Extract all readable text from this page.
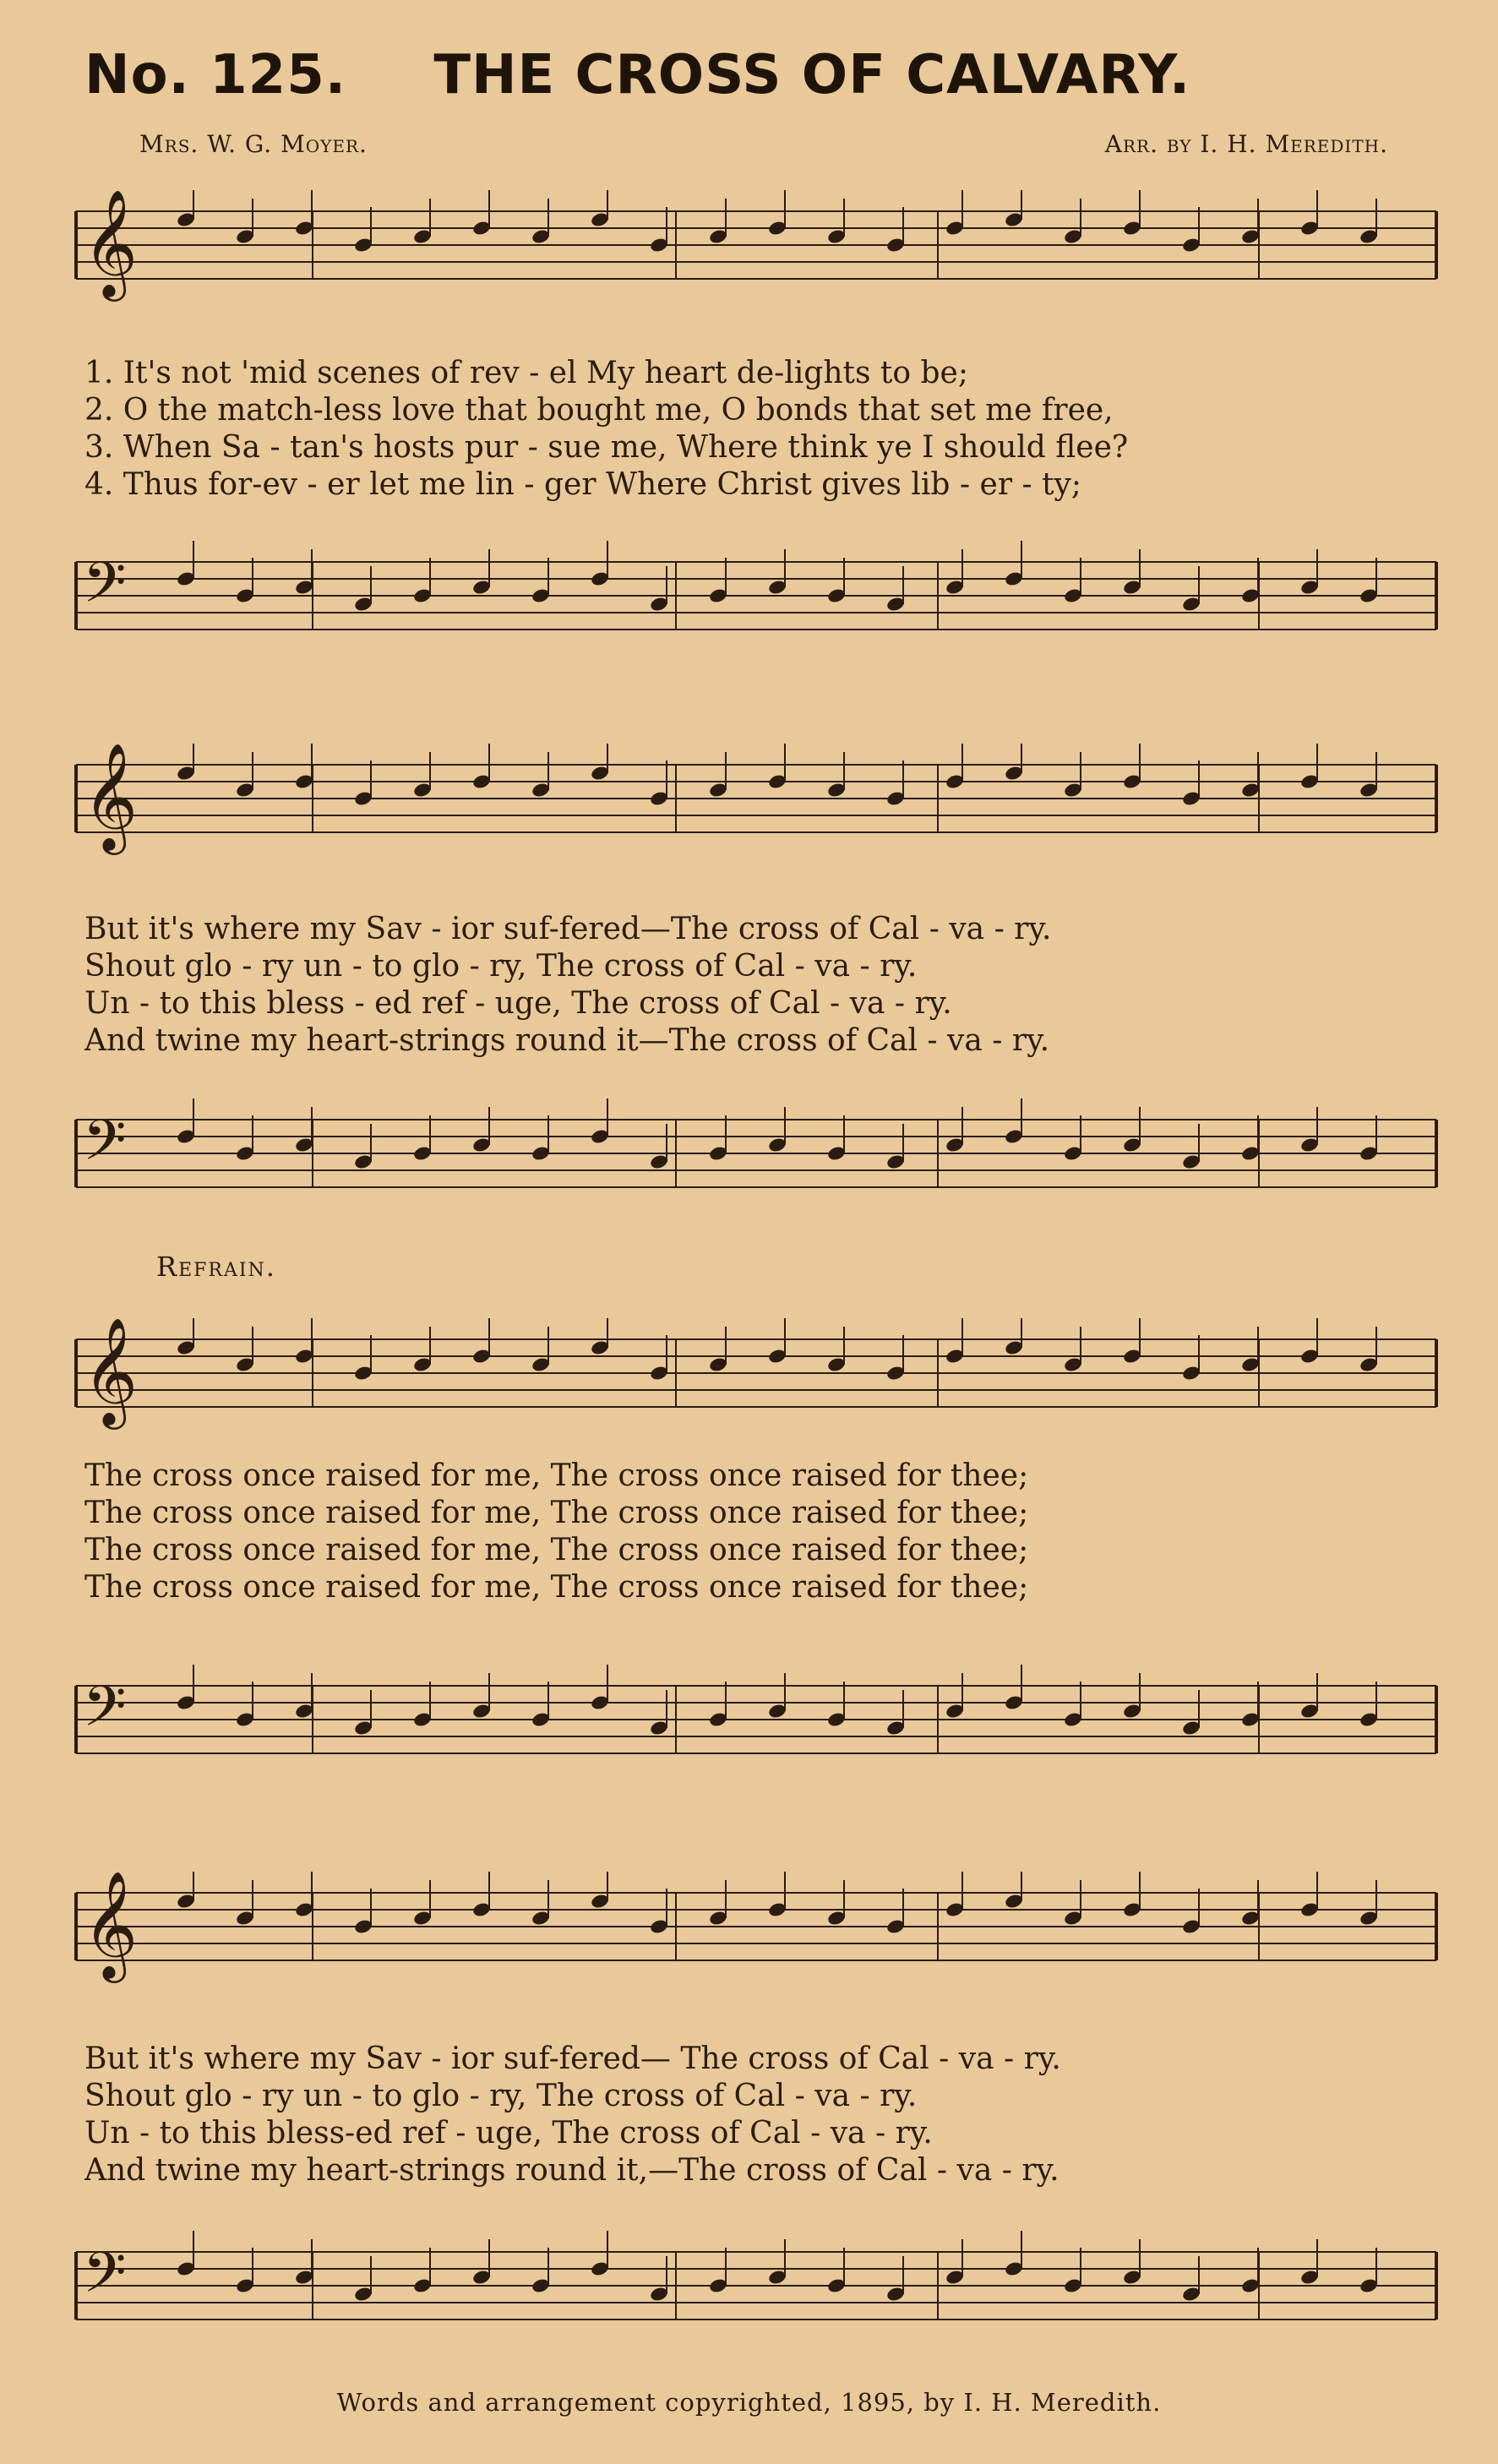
No. 125. THE CROSS OF CALVARY.
Mrs. W. G. Moyer.	Arr. by I. H. Meredith.
𝄞
1. It's not 'mid scenes of rev - el My heart de-lights to be;
2. O the match-less love that bought me, O bonds that set me free,
3. When Sa - tan's hosts pur - sue me, Where think ye I should flee?
4. Thus for-ev - er let me lin - ger Where Christ gives lib - er - ty;
𝄢
𝄞
But it's where my Sav - ior suf-fered—The cross of Cal - va - ry.
Shout glo - ry un - to glo - ry, The cross of Cal - va - ry.
Un - to this bless - ed ref - uge, The cross of Cal - va - ry.
And twine my heart-strings round it—The cross of Cal - va - ry.
𝄢
Refrain.
𝄞
The cross once raised for me, The cross once raised for thee;
The cross once raised for me, The cross once raised for thee;
The cross once raised for me, The cross once raised for thee;
The cross once raised for me, The cross once raised for thee;
𝄢
𝄞
But it's where my Sav - ior suf-fered— The cross of Cal - va - ry.
Shout glo - ry un - to glo - ry, The cross of Cal - va - ry.
Un - to this bless-ed ref - uge, The cross of Cal - va - ry.
And twine my heart-strings round it,—The cross of Cal - va - ry.
𝄢
Words and arrangement copyrighted, 1895, by I. H. Meredith.
